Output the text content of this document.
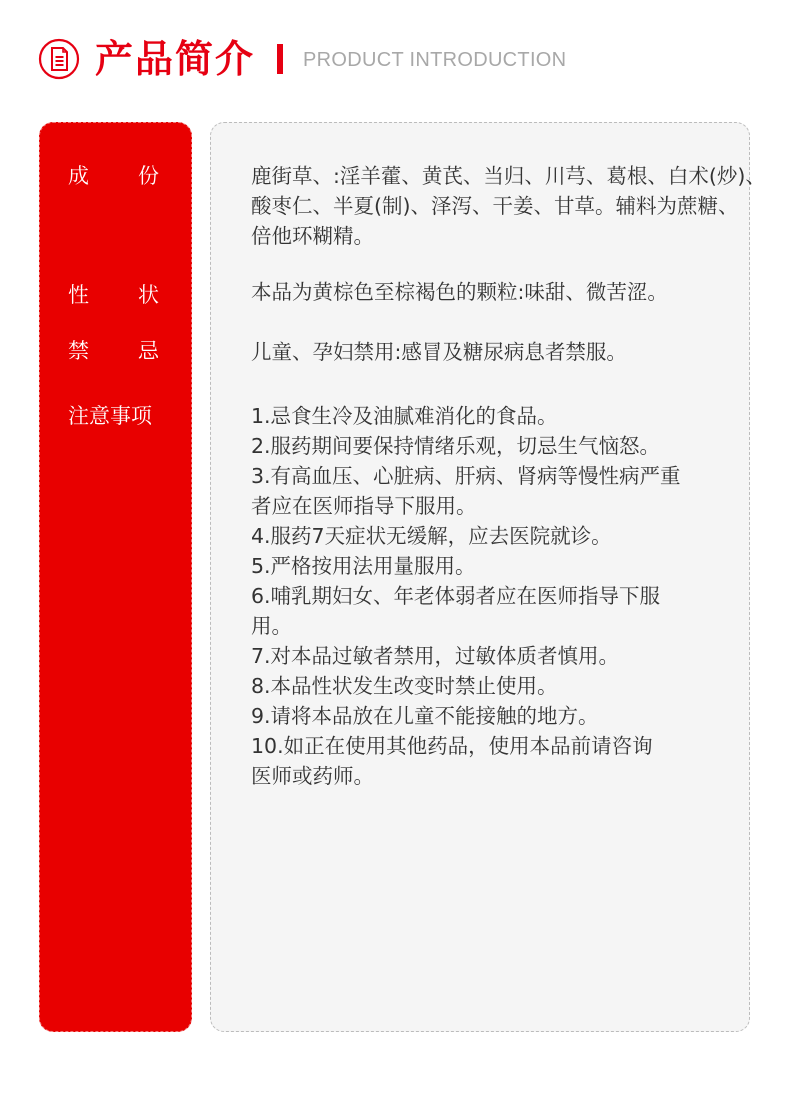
产品简介 PRODUCT INTRODUCTION
成 份
性 状
禁 忌
注意事项
鹿街草、:淫羊藿、黄芪、当归、川芎、葛根、白术(炒)、
酸枣仁、半夏(制)、泽泻、干姜、甘草。辅料为蔗糖、
倍他环糊精。
本品为黄棕色至棕褐色的颗粒:味甜、微苦涩。
儿童、孕妇禁用:感冒及糖尿病息者禁服。
1.忌食生冷及油腻难消化的食品。
2.服药期间要保持情绪乐观，切忌生气恼怒。
3.有高血压、心脏病、肝病、肾病等慢性病严重
者应在医师指导下服用。
4.服药7天症状无缓解，应去医院就诊。
5.严格按用法用量服用。
6.哺乳期妇女、年老体弱者应在医师指导下服
用。
7.对本品过敏者禁用，过敏体质者慎用。
8.本品性状发生改变时禁止使用。
9.请将本品放在儿童不能接触的地方。
10.如正在使用其他药品，使用本品前请咨询
医师或药师。
